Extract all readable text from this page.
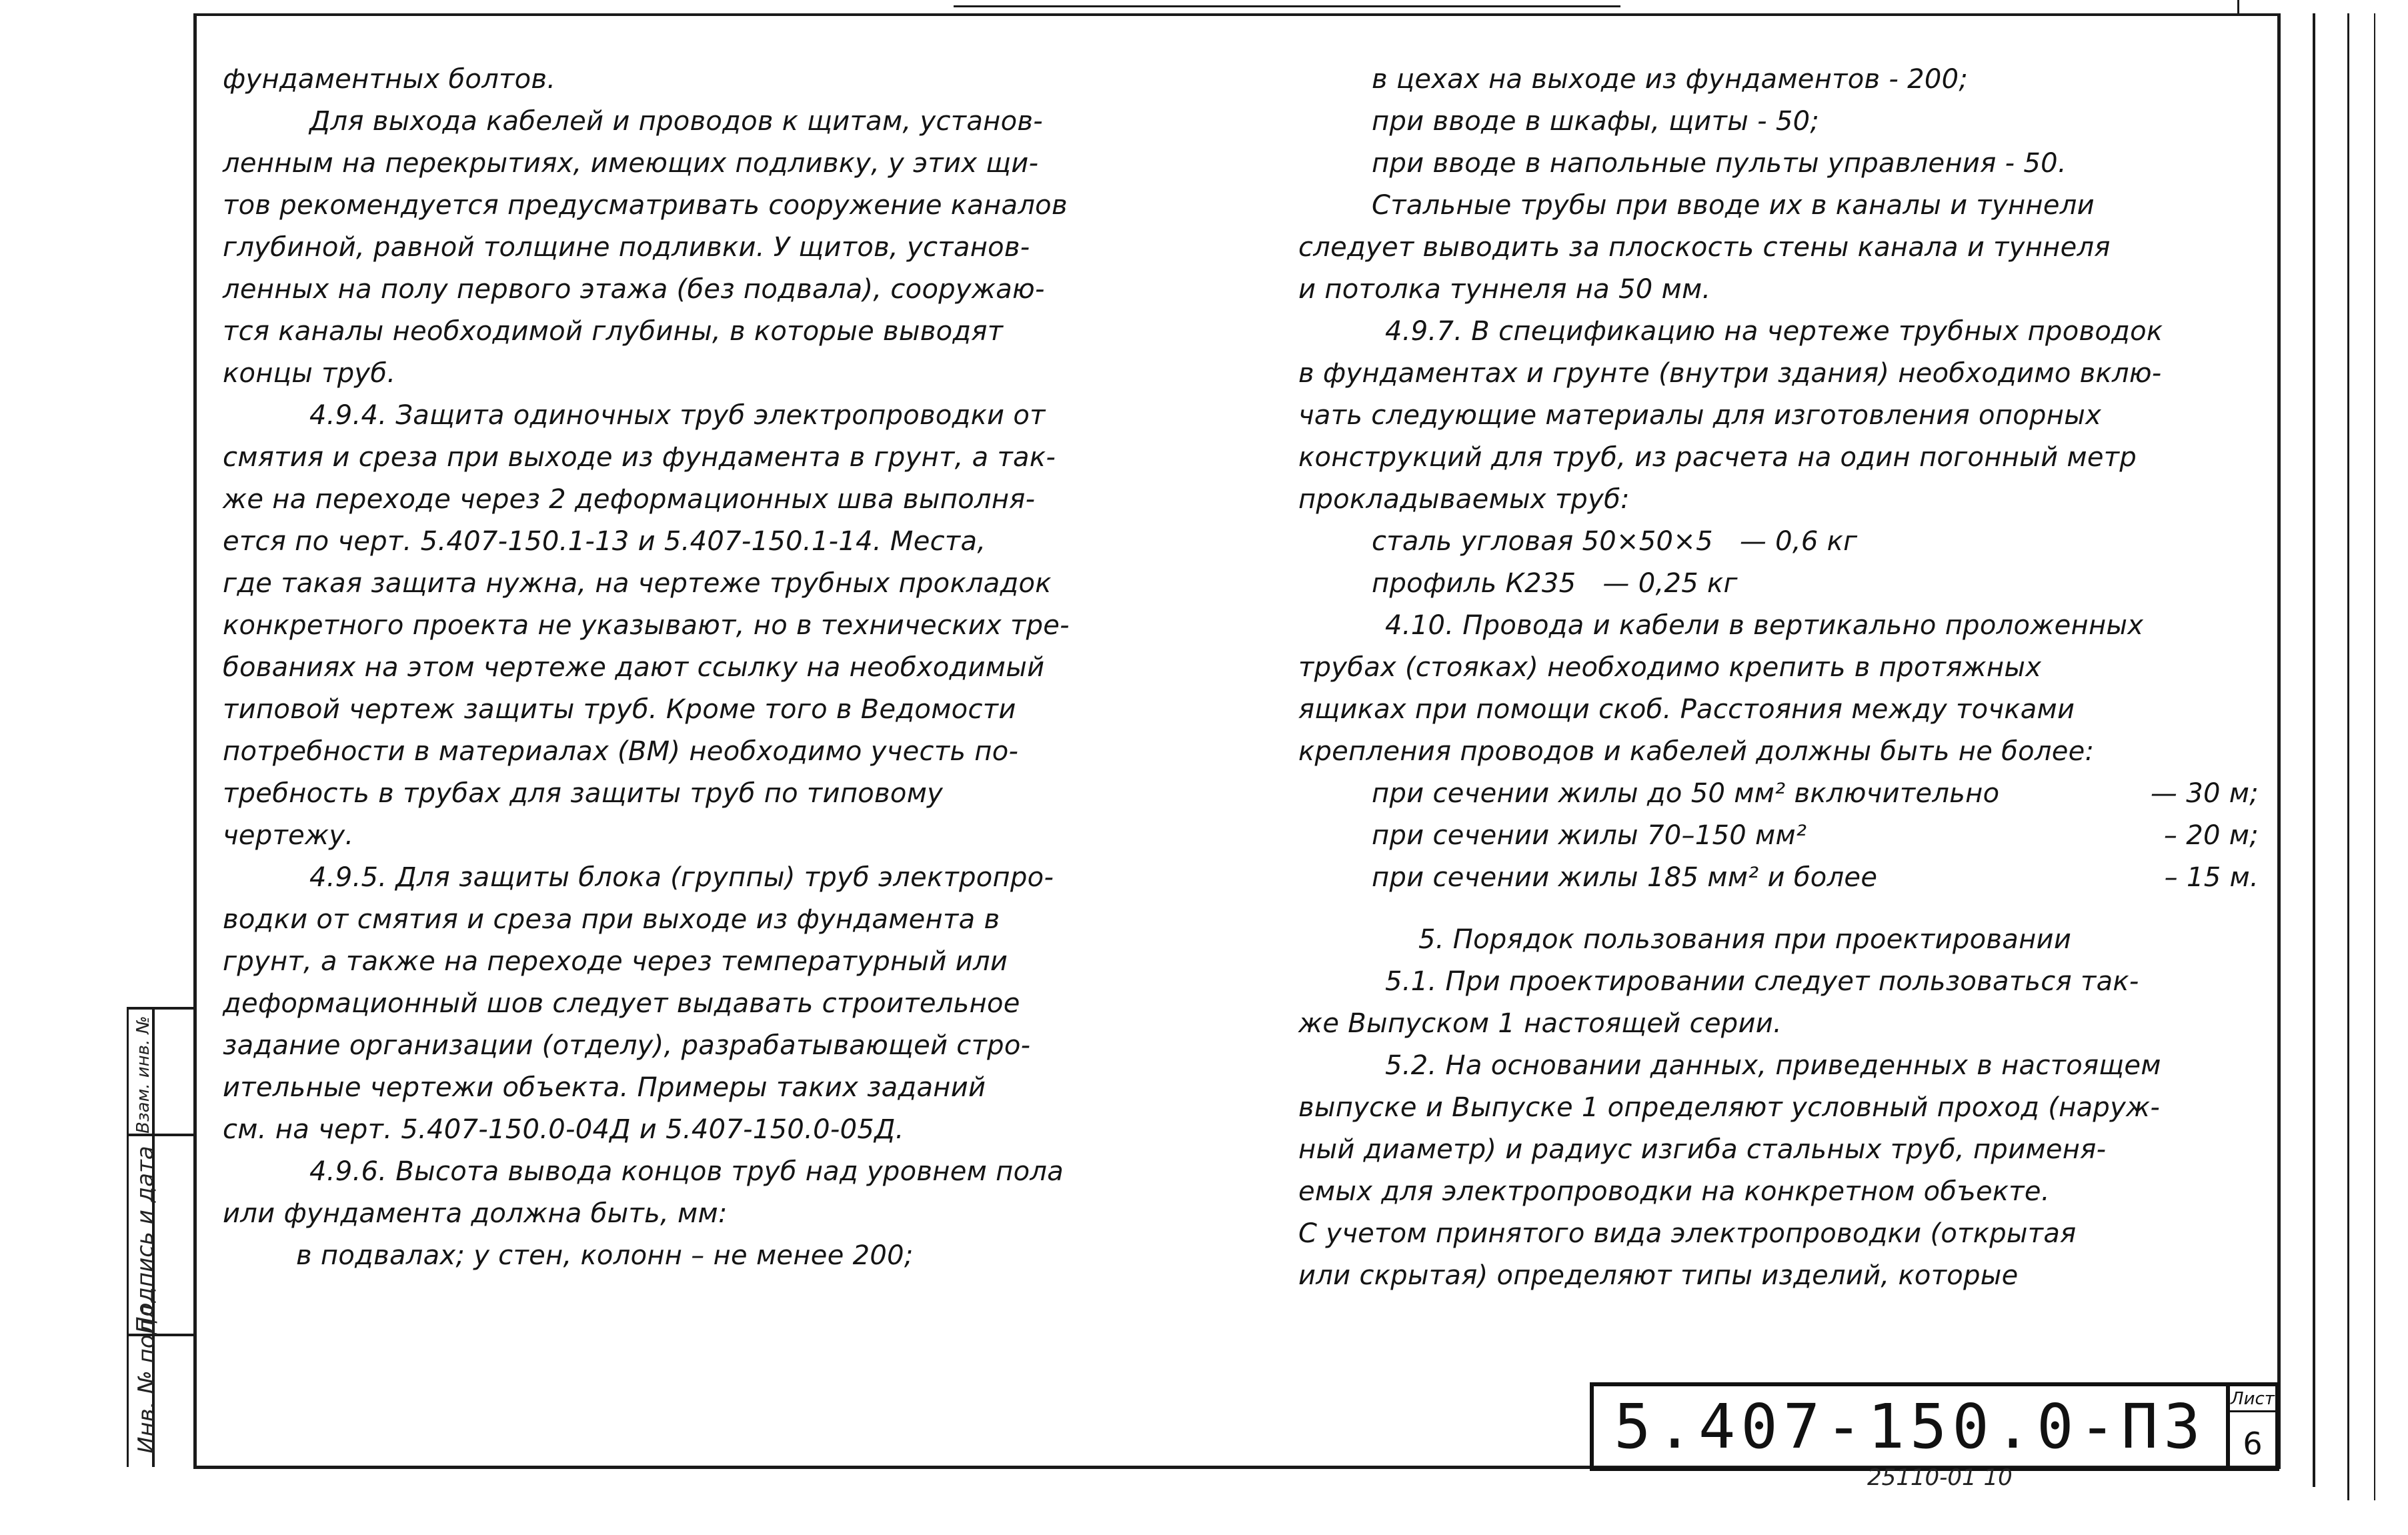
Инв. № подл.
Подпись и дата
Взам. инв. №
фундаментных болтов.
Для выхода кабелей и проводов к щитам, установ-
ленным на перекрытиях, имеющих подливку, у этих щи-
тов рекомендуется предусматривать сооружение каналов
глубиной, равной толщине подливки. У щитов, установ-
ленных на полу первого этажа (без подвала), сооружаю-
тся каналы необходимой глубины, в которые выводят
концы труб.
4.9.4. Защита одиночных труб электропроводки от
смятия и среза при выходе из фундамента в грунт, а так-
же на переходе через 2 деформационных шва выполня-
ется по черт. 5.407-150.1-13 и 5.407-150.1-14. Места,
где такая защита нужна, на чертеже трубных прокладок
конкретного проекта не указывают, но в технических тре-
бованиях на этом чертеже дают ссылку на необходимый
типовой чертеж защиты труб. Кроме того в Ведомости
потребности в материалах (ВМ) необходимо учесть по-
требность в трубах для защиты труб по типовому
чертежу.
4.9.5. Для защиты блока (группы) труб электропро-
водки от смятия и среза при выходе из фундамента в
грунт, а также на переходе через температурный или
деформационный шов следует выдавать строительное
задание организации (отделу), разрабатывающей стро-
ительные чертежи объекта. Примеры таких заданий
см. на черт. 5.407-150.0-04Д и 5.407-150.0-05Д.
4.9.6. Высота вывода концов труб над уровнем пола
или фундамента должна быть, мм:
в подвалах; у стен, колонн – не менее 200;
в цехах на выходе из фундаментов - 200;
при вводе в шкафы, щиты - 50;
при вводе в напольные пульты управления - 50.
Стальные трубы при вводе их в каналы и туннели
следует выводить за плоскость стены канала и туннеля
и потолка туннеля на 50 мм.
4.9.7. В спецификацию на чертеже трубных проводок
в фундаментах и грунте (внутри здания) необходимо вклю-
чать следующие материалы для изготовления опорных
конструкций для труб, из расчета на один погонный метр
прокладываемых труб:
сталь угловая 50×50×5 — 0,6 кг
профиль К235 — 0,25 кг
4.10. Провода и кабели в вертикально проложенных
трубах (стояках) необходимо крепить в протяжных
ящиках при помощи скоб. Расстояния между точками
крепления проводов и кабелей должны быть не более:
при сечении жилы до 50 мм² включительно	— 30 м;
при сечении жилы 70–150 мм²	– 20 м;
при сечении жилы 185 мм² и более	– 15 м.
5. Порядок пользования при проектировании
5.1. При проектировании следует пользоваться так-
же Выпуском 1 настоящей серии.
5.2. На основании данных, приведенных в настоящем
выпуске и Выпуске 1 определяют условный проход (наруж-
ный диаметр) и радиус изгиба стальных труб, применя-
емых для электропроводки на конкретном объекте.
С учетом принятого вида электропроводки (открытая
или скрытая) определяют типы изделий, которые
5.407-150.0-П3 Лист
6
25110-01 10
